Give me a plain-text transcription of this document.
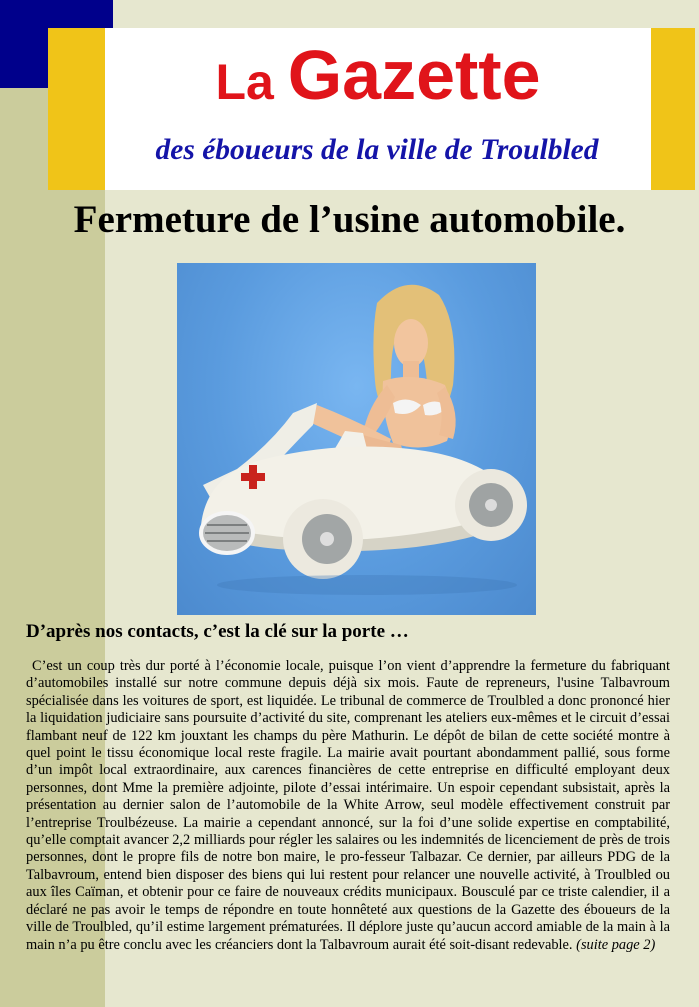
La Gazette
des éboueurs de la ville de Troulbled
Fermeture de l’usine automobile.
D’après nos contacts, c’est la clé sur la porte …

C’est un coup très dur porté à l’économie locale, puisque l’on vient d’apprendre la fermeture du fabriquant d’automobiles installé sur notre commune depuis déjà six mois. Faute de repreneurs, l'usine Talbavroum spécialisée dans les voitures de sport, est liquidée. Le tribunal de commerce de Troulbled a donc prononcé hier la liquidation judiciaire sans poursuite d’activité du site, comprenant les ateliers eux-mêmes et le circuit d’essai flambant neuf de 122 km jouxtant les champs du père Mathurin. Le dépôt de bilan de cette société montre à quel point le tissu économique local reste fragile. La mairie avait pourtant abondamment pallié, sous forme d’un impôt local extraordinaire, aux carences financières de cette entreprise en difficulté employant deux personnes, dont Mme la première adjointe, pilote d’essai intérimaire. Un espoir cependant subsistait, après la présentation au dernier salon de l’automobile de la White Arrow, seul modèle effectivement construit par l’entreprise Troulbézeuse. La mairie a cependant annoncé, sur la foi d’une solide expertise en comptabilité, qu’elle comptait avancer 2,2 milliards pour régler les salaires ou les indemnités de licenciement de près de trois personnes, dont le propre fils de notre bon maire, le pro-fesseur Talbazar. Ce dernier, par ailleurs PDG de la Talbavroum, entend bien disposer des biens qui lui restent pour relancer une nouvelle activité, à Troulbled ou aux îles Caïman, et obtenir pour ce faire de nouveaux crédits municipaux. Bousculé par ce triste calendier, il a déclaré ne pas avoir le temps de répondre en toute honnêteté aux questions de la Gazette des éboueurs de la ville de Troulbled, qu’il estime largement prématurées. Il déplore juste qu’aucun accord amiable de la main à la main n’a pu être conclu avec les créanciers dont la Talbavroum aurait été soit-disant redevable. (suite page 2)
